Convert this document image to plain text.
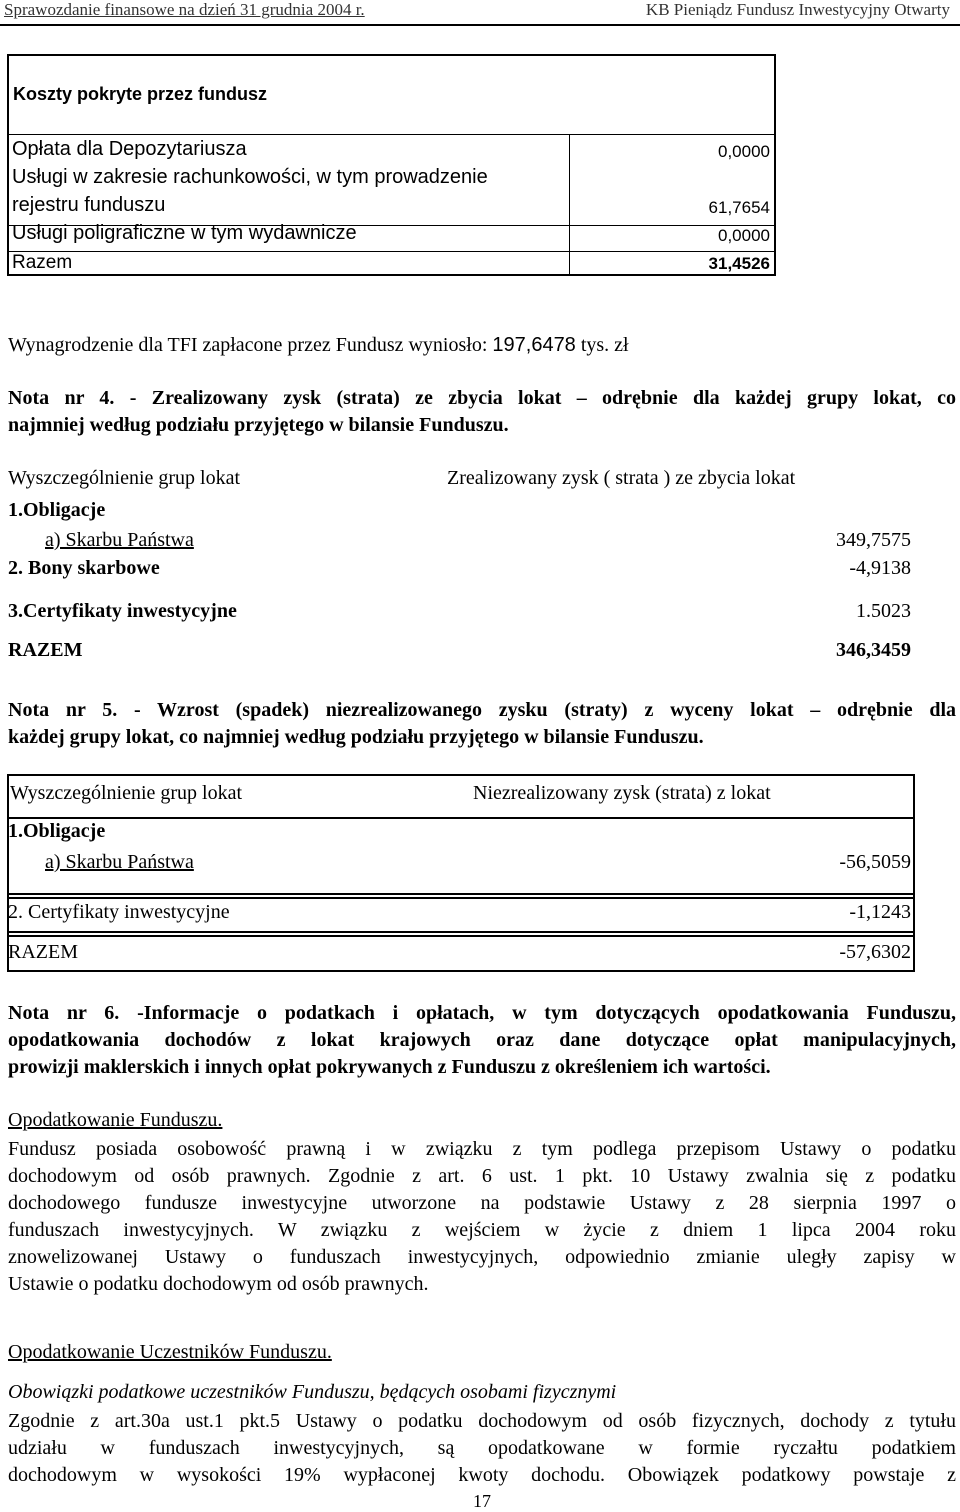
Sprawozdanie finansowe na dzień 31 grudnia 2004 r.	KB Pieniądz Fundusz Inwestycyjny Otwarty
Koszty pokryte przez fundusz
Opłata dla Depozytariusza	0,0000
Usługi w zakresie rachunkowości, w tym prowadzenie
rejestru funduszu	61,7654
Usługi poligraficzne w tym wydawnicze	0,0000
Razem	31,4526
Wynagrodzenie dla TFI zapłacone przez Fundusz wyniosło: 197,6478 tys. zł
Nota nr 4. - Zrealizowany zysk (strata) ze zbycia lokat – odrębnie dla każdej grupy lokat, co
najmniej według podziału przyjętego w bilansie Funduszu.
Wyszczególnienie grup lokat	Zrealizowany zysk ( strata ) ze zbycia lokat
1.Obligacje
a) Skarbu Państwa	349,7575
2. Bony skarbowe	-4,9138
3.Certyfikaty inwestycyjne	1.5023
RAZEM	346,3459
Nota nr 5. - Wzrost (spadek) niezrealizowanego zysku (straty) z wyceny lokat – odrębnie dla
każdej grupy lokat, co najmniej według podziału przyjętego w bilansie Funduszu.
Wyszczególnienie grup lokat	Niezrealizowany zysk (strata) z lokat
1.Obligacje
a) Skarbu Państwa	-56,5059
2. Certyfikaty inwestycyjne	-1,1243
RAZEM	-57,6302
Nota nr 6. -Informacje o podatkach i opłatach, w tym dotyczących opodatkowania Funduszu,
opodatkowania dochodów z lokat krajowych oraz dane dotyczące opłat manipulacyjnych,
prowizji maklerskich i innych opłat pokrywanych z Funduszu z określeniem ich wartości.
Opodatkowanie Funduszu.
Fundusz posiada osobowość prawną i w związku z tym podlega przepisom Ustawy o podatku
dochodowym od osób prawnych. Zgodnie z art. 6 ust. 1 pkt. 10 Ustawy zwalnia się z podatku
dochodowego fundusze inwestycyjne utworzone na podstawie Ustawy z 28 sierpnia 1997 o
funduszach inwestycyjnych. W związku z wejściem w życie z dniem 1 lipca 2004 roku
znowelizowanej Ustawy o funduszach inwestycyjnych, odpowiednio zmianie uległy zapisy w
Ustawie o podatku dochodowym od osób prawnych.
Opodatkowanie Uczestników Funduszu.
Obowiązki podatkowe uczestników Funduszu, będących osobami fizycznymi
Zgodnie z art.30a ust.1 pkt.5 Ustawy o podatku dochodowym od osób fizycznych, dochody z tytułu
udziału w funduszach inwestycyjnych, są opodatkowane w formie ryczałtu podatkiem
dochodowym w wysokości 19% wypłaconej kwoty dochodu. Obowiązek podatkowy powstaje z
17
